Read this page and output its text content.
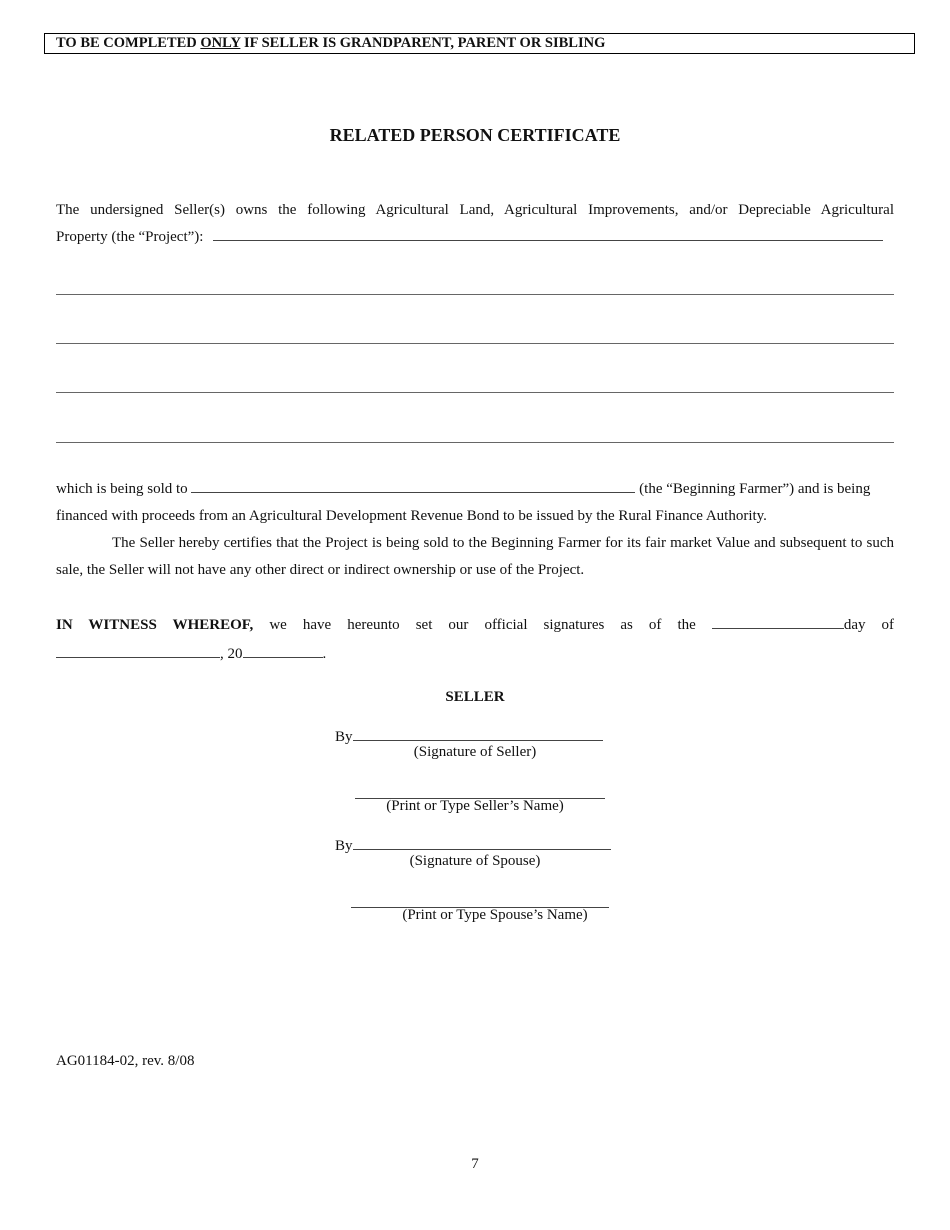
TO BE COMPLETED ONLY IF SELLER IS GRANDPARENT, PARENT OR SIBLING
RELATED PERSON CERTIFICATE
The undersigned Seller(s) owns the following Agricultural Land, Agricultural Improvements, and/or Depreciable Agricultural
Property (the “Project”):
which is being sold to	(the “Beginning Farmer”) and is being
financed with proceeds from an Agricultural Development Revenue Bond to be issued by the Rural Finance Authority.
The Seller hereby certifies that the Project is being sold to the Beginning Farmer for its fair market Value and subsequent to such sale, the Seller will not have any other direct or indirect ownership or use of the Project.
IN WITNESS WHEREOF, we have hereunto set our official signatures as of the	day of
, 20	.
SELLER
By
(Signature of Seller)
(Print or Type Seller’s Name)
By
(Signature of Spouse)
(Print or Type Spouse’s Name)
AG01184-02, rev. 8/08
7
